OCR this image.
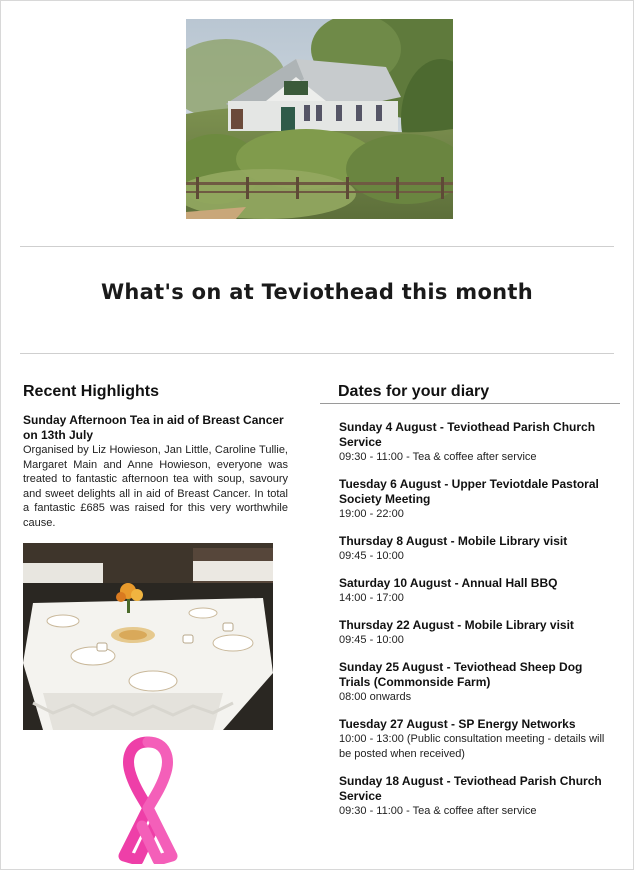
What's on at Teviothead this month
Recent Highlights
Sunday Afternoon Tea in aid of Breast Cancer on 13th July

Organised by Liz Howieson, Jan Little, Caroline Tullie, Margaret Main and Anne Howieson, everyone was treated to fantastic afternoon tea with soup, savoury and sweet delights all in aid of Breast Cancer. In total a fantastic £685 was raised for this very worthwhile cause.

Dates for your diary
Sunday 4 August - Teviothead Parish Church Service
09:30 - 11:00 - Tea & coffee after service
Tuesday 6 August - Upper Teviotdale Pastoral Society Meeting
19:00 - 22:00
Thursday 8 August - Mobile Library visit
09:45 - 10:00
Saturday 10 August - Annual Hall BBQ
14:00 - 17:00
Thursday 22 August - Mobile Library visit
09:45 - 10:00
Sunday 25 August - Teviothead Sheep Dog Trials (Commonside Farm)
08:00 onwards
Tuesday 27 August - SP Energy Networks
10:00 - 13:00 (Public consultation meeting - details will be posted when received)
Sunday 18 August - Teviothead Parish Church Service
09:30 - 11:00 - Tea & coffee after service
